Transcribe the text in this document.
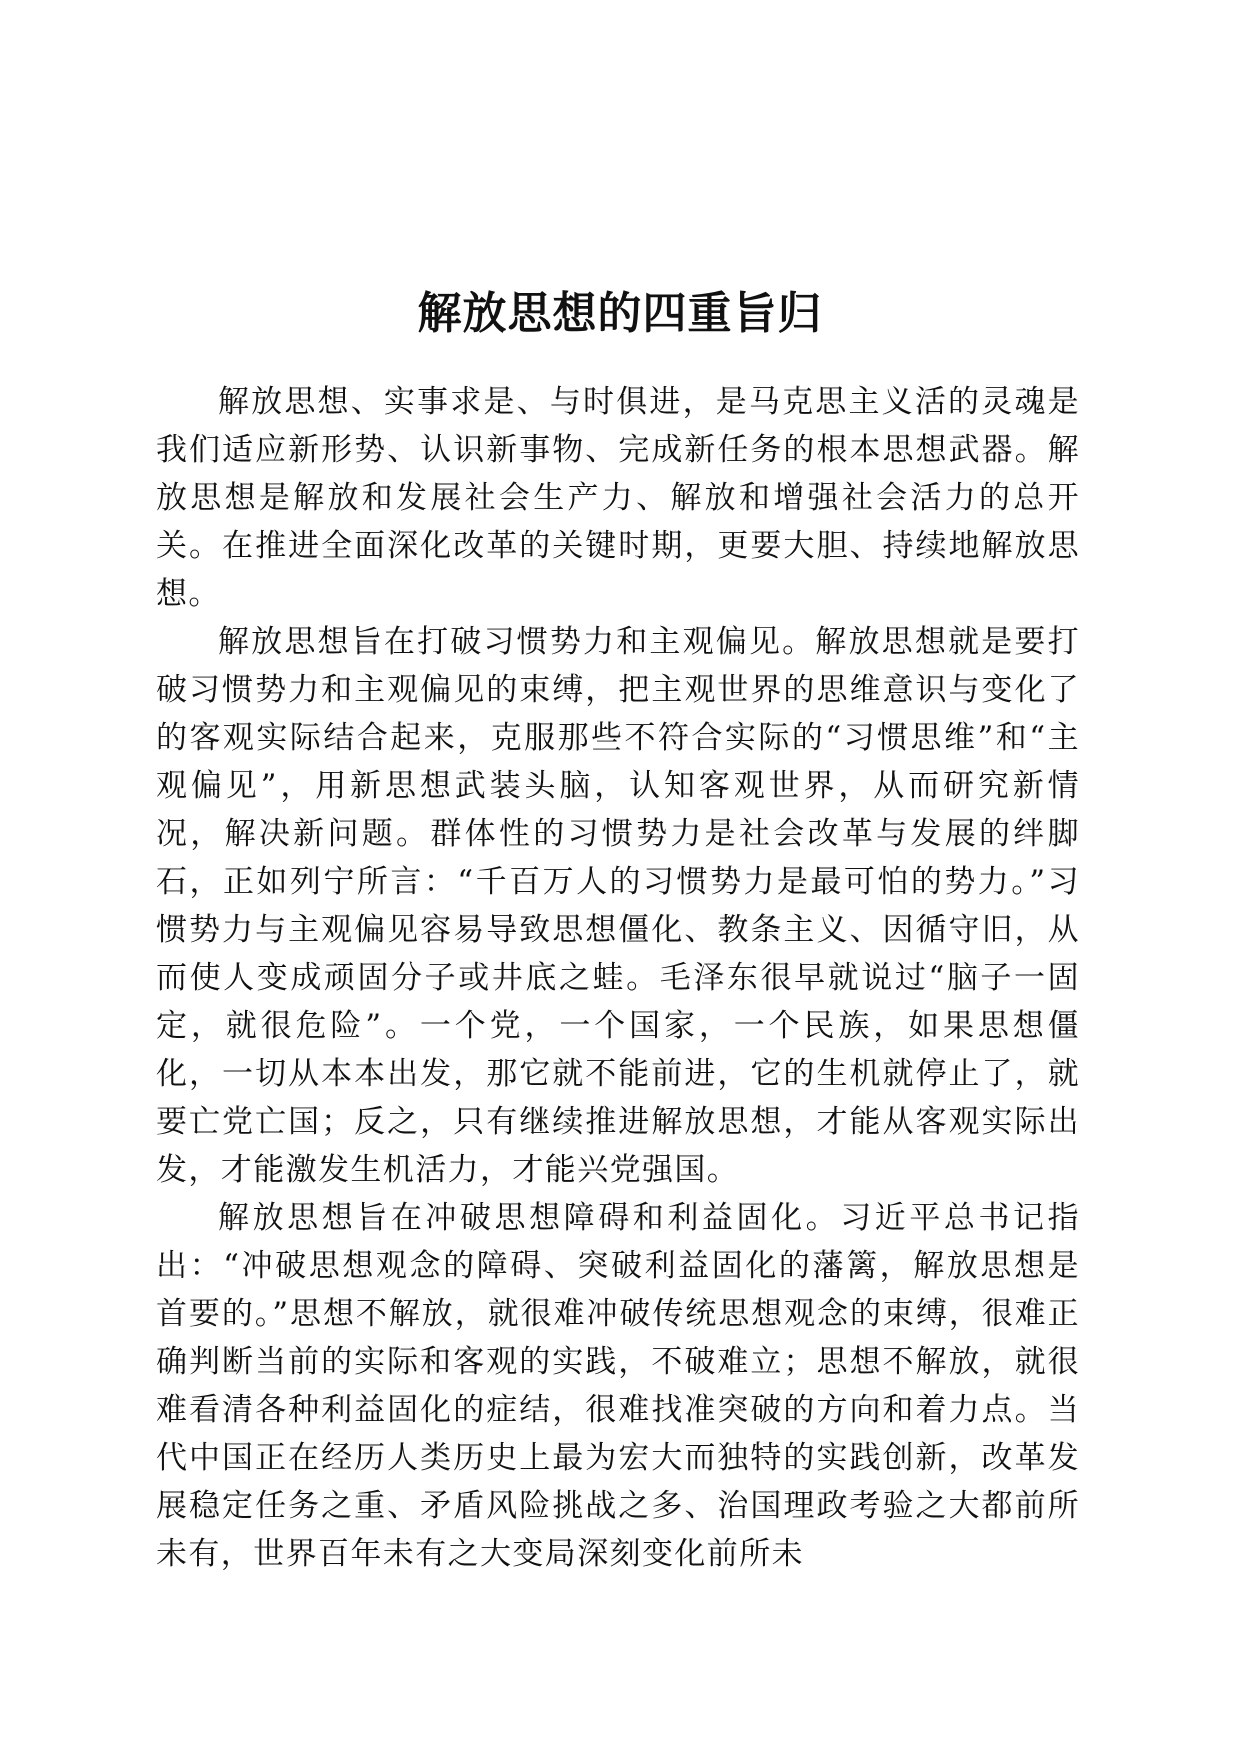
解放思想的四重旨归

解放思想、实事求是、与时俱进，是马克思主义活的灵魂是我们适应新形势、认识新事物、完成新任务的根本思想武器。解放思想是解放和发展社会生产力、解放和增强社会活力的总开关。在推进全面深化改革的关键时期，更要大胆、持续地解放思想。

解放思想旨在打破习惯势力和主观偏见。解放思想就是要打破习惯势力和主观偏见的束缚，把主观世界的思维意识与变化了的客观实际结合起来，克服那些不符合实际的“习惯思维”和“主观偏见”，用新思想武装头脑，认知客观世界，从而研究新情况，解决新问题。群体性的习惯势力是社会改革与发展的绊脚石，正如列宁所言：“千百万人的习惯势力是最可怕的势力。”习惯势力与主观偏见容易导致思想僵化、教条主义、因循守旧，从而使人变成顽固分子或井底之蛙。毛泽东很早就说过“脑子一固定，就很危险”。一个党，一个国家，一个民族，如果思想僵化，一切从本本出发，那它就不能前进，它的生机就停止了，就要亡党亡国；反之，只有继续推进解放思想，才能从客观实际出发，才能激发生机活力，才能兴党强国。

解放思想旨在冲破思想障碍和利益固化。习近平总书记指出：“冲破思想观念的障碍、突破利益固化的藩篱，解放思想是首要的。”思想不解放，就很难冲破传统思想观念的束缚，很难正确判断当前的实际和客观的实践，不破难立；思想不解放，就很难看清各种利益固化的症结，很难找准突破的方向和着力点。当代中国正在经历人类历史上最为宏大而独特的实践创新，改革发展稳定任务之重、矛盾风险挑战之多、治国理政考验之大都前所未有，世界百年未有之大变局深刻变化前所未
